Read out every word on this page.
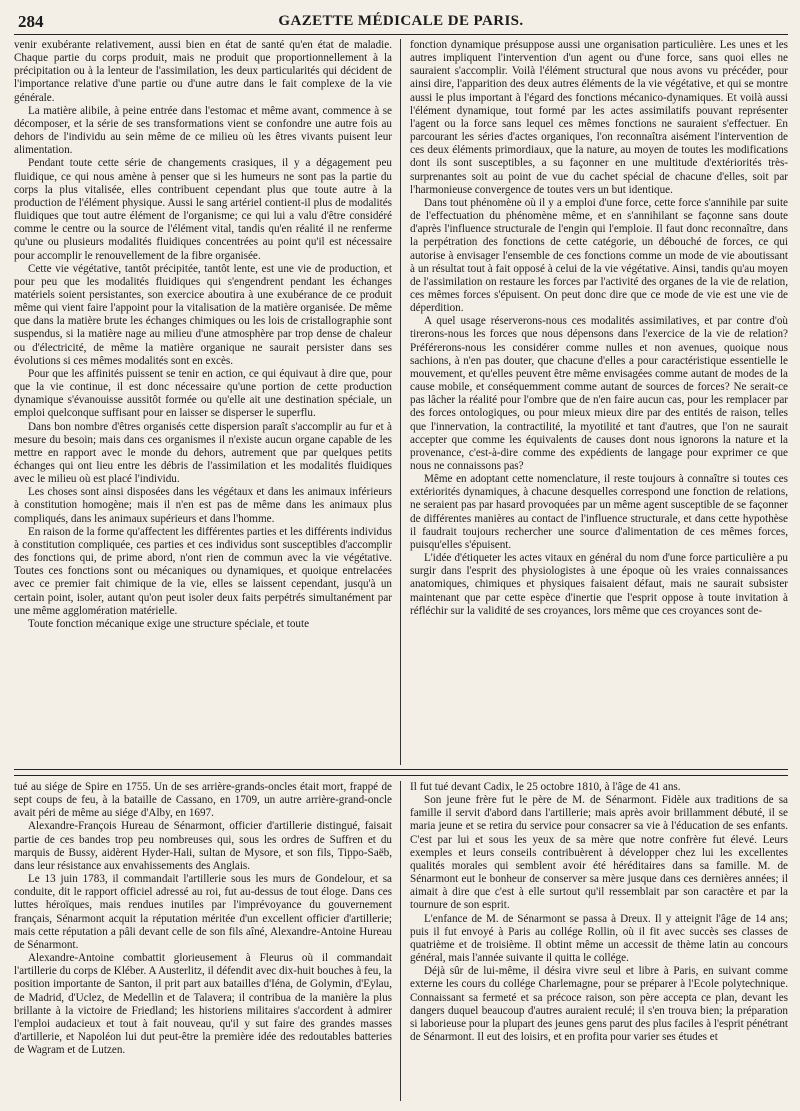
284	GAZETTE MÉDICALE DE PARIS.

venir exubérante relativement, aussi bien en état de santé qu'en état de maladie. Chaque partie du corps produit, mais ne produit que proportionnellement à la précipitation ou à la lenteur de l'assimilation, les deux particularités qui décident de l'importance relative d'une partie ou d'une autre dans le fait complexe de la vie générale.

La matière alibile, à peine entrée dans l'estomac et même avant, commence à se décomposer, et la série de ses transformations vient se confondre une autre fois au dehors de l'individu au sein même de ce milieu où les êtres vivants puisent leur alimentation.

Pendant toute cette série de changements crasiques, il y a dégagement peu fluidique, ce qui nous amène à penser que si les humeurs ne sont pas la partie du corps la plus vitalisée, elles contribuent cependant plus que toute autre à la production de l'élément physique. Aussi le sang artériel contient-il plus de modalités fluidiques que tout autre élément de l'organisme; ce qui lui a valu d'être considéré comme le centre ou la source de l'élément vital, tandis qu'en réalité il ne renferme qu'une ou plusieurs modalités fluidiques concentrées au point qu'il est nécessaire pour accomplir le renouvellement de la fibre organisée.

Cette vie végétative, tantôt précipitée, tantôt lente, est une vie de production, et pour peu que les modalités fluidiques qui s'engendrent pendant les échanges matériels soient persistantes, son exercice aboutira à une exubérance de ce produit même qui vient faire l'appoint pour la vitalisation de la matière organisée. De même que dans la matière brute les échanges chimiques ou les lois de cristallographie sont suspendus, si la matière nage au milieu d'une atmosphère par trop dense de chaleur ou d'électricité, de même la matière organique ne saurait persister dans ses évolutions si ces mêmes modalités sont en excès.

Pour que les affinités puissent se tenir en action, ce qui équivaut à dire que, pour que la vie continue, il est donc nécessaire qu'une portion de cette production dynamique s'évanouisse aussitôt formée ou qu'elle ait une destination spéciale, un emploi quelconque suffisant pour en laisser se disperser le superflu.

Dans bon nombre d'êtres organisés cette dispersion paraît s'accomplir au fur et à mesure du besoin; mais dans ces organismes il n'existe aucun organe capable de les mettre en rapport avec le monde du dehors, autrement que par quelques petits échanges qui ont lieu entre les débris de l'assimilation et les modalités fluidiques avec le milieu où est placé l'individu.

Les choses sont ainsi disposées dans les végétaux et dans les animaux inférieurs à constitution homogène; mais il n'en est pas de même dans les animaux plus compliqués, dans les animaux supérieurs et dans l'homme.

En raison de la forme qu'affectent les différentes parties et les différents individus à constitution compliquée, ces parties et ces individus sont susceptibles d'accomplir des fonctions qui, de prime abord, n'ont rien de commun avec la vie végétative. Toutes ces fonctions sont ou mécaniques ou dynamiques, et quoique entrelacées avec ce premier fait chimique de la vie, elles se laissent cependant, jusqu'à un certain point, isoler, autant qu'on peut isoler deux faits perpétrés simultanément par une même agglomération matérielle.

Toute fonction mécanique exige une structure spéciale, et toute

fonction dynamique présuppose aussi une organisation particulière. Les unes et les autres impliquent l'intervention d'un agent ou d'une force, sans quoi elles ne sauraient s'accomplir. Voilà l'élément structural que nous avons vu précéder, pour ainsi dire, l'apparition des deux autres éléments de la vie végétative, et qui se montre aussi le plus important à l'égard des fonctions mécanico-dynamiques. Et voilà aussi l'élément dynamique, tout formé par les actes assimilatifs pouvant représenter l'agent ou la force sans lequel ces mêmes fonctions ne sauraient s'effectuer. En parcourant les séries d'actes organiques, l'on reconnaîtra aisément l'intervention de ces deux éléments primordiaux, que la nature, au moyen de toutes les modifications dont ils sont susceptibles, a su façonner en une multitude d'extériorités très-surprenantes soit au point de vue du cachet spécial de chacune d'elles, soit par l'harmonieuse convergence de toutes vers un but identique.

Dans tout phénomène où il y a emploi d'une force, cette force s'annihile par suite de l'effectuation du phénomène même, et en s'annihilant se façonne sans doute d'après l'influence structurale de l'engin qui l'emploie. Il faut donc reconnaître, dans la perpétration des fonctions de cette catégorie, un débouché de forces, ce qui autorise à envisager l'ensemble de ces fonctions comme un mode de vie aboutissant à un résultat tout à fait opposé à celui de la vie végétative. Ainsi, tandis qu'au moyen de l'assimilation on restaure les forces par l'activité des organes de la vie de relation, ces mêmes forces s'épuisent. On peut donc dire que ce mode de vie est une vie de déperdition.

A quel usage réserverons-nous ces modalités assimilatives, et par contre d'où tirerons-nous les forces que nous dépensons dans l'exercice de la vie de relation? Préférerons-nous les considérer comme nulles et non avenues, quoique nous sachions, à n'en pas douter, que chacune d'elles a pour caractéristique essentielle le mouvement, et qu'elles peuvent être même envisagées comme autant de modes de la cause mobile, et conséquemment comme autant de sources de forces? Ne serait-ce pas lâcher la réalité pour l'ombre que de n'en faire aucun cas, pour les remplacer par des forces ontologiques, ou pour mieux mieux dire par des entités de raison, telles que l'innervation, la contractilité, la myotilité et tant d'autres, que l'on ne saurait accepter que comme les équivalents de causes dont nous ignorons la nature et la provenance, c'est-à-dire comme des expédients de langage pour exprimer ce que nous ne connaissons pas?

Même en adoptant cette nomenclature, il reste toujours à connaître si toutes ces extériorités dynamiques, à chacune desquelles correspond une fonction de relations, ne seraient pas par hasard provoquées par un même agent susceptible de se façonner de différentes manières au contact de l'influence structurale, et dans cette hypothèse il faudrait toujours rechercher une source d'alimentation de ces mêmes forces, puisqu'elles s'épuisent.

L'idée d'étiqueter les actes vitaux en général du nom d'une force particulière a pu surgir dans l'esprit des physiologistes à une époque où les vraies connaissances anatomiques, chimiques et physiques faisaient défaut, mais ne saurait subsister maintenant que par cette espèce d'inertie que l'esprit oppose à toute invitation à réfléchir sur la validité de ses croyances, lors même que ces croyances sont de-

tué au siége de Spire en 1755. Un de ses arrière-grands-oncles était mort, frappé de sept coups de feu, à la bataille de Cassano, en 1709, un autre arrière-grand-oncle avait péri de même au siége d'Alby, en 1697.

Alexandre-François Hureau de Sénarmont, officier d'artillerie distingué, faisait partie de ces bandes trop peu nombreuses qui, sous les ordres de Suffren et du marquis de Bussy, aidèrent Hyder-Hali, sultan de Mysore, et son fils, Tippo-Saëb, dans leur résistance aux envahissements des Anglais.

Le 13 juin 1783, il commandait l'artillerie sous les murs de Gondelour, et sa conduite, dit le rapport officiel adressé au roi, fut au-dessus de tout éloge. Dans ces luttes héroïques, mais rendues inutiles par l'imprévoyance du gouvernement français, Sénarmont acquit la réputation méritée d'un excellent officier d'artillerie; mais cette réputation a pâli devant celle de son fils aîné, Alexandre-Antoine Hureau de Sénarmont.

Alexandre-Antoine combattit glorieusement à Fleurus où il commandait l'artillerie du corps de Kléber. A Austerlitz, il défendit avec dix-huit bouches à feu, la position importante de Santon, il prit part aux batailles d'Iéna, de Golymin, d'Eylau, de Madrid, d'Uclez, de Medellin et de Talavera; il contribua de la manière la plus brillante à la victoire de Friedland; les historiens militaires s'accordent à admirer l'emploi audacieux et tout à fait nouveau, qu'il y sut faire des grandes masses d'artillerie, et Napoléon lui dut peut-être la première idée des redoutables batteries de Wagram et de Lutzen.

Il fut tué devant Cadix, le 25 octobre 1810, à l'âge de 41 ans.

Son jeune frère fut le père de M. de Sénarmont. Fidèle aux traditions de sa famille il servit d'abord dans l'artillerie; mais après avoir brillamment débuté, il se maria jeune et se retira du service pour consacrer sa vie à l'éducation de ses enfants. C'est par lui et sous les yeux de sa mère que notre confrère fut élevé. Leurs exemples et leurs conseils contribuèrent à développer chez lui les excellentes qualités morales qui semblent avoir été héréditaires dans sa famille. M. de Sénarmont eut le bonheur de conserver sa mère jusque dans ces dernières années; il aimait à dire que c'est à elle surtout qu'il ressemblait par son caractère et par la tournure de son esprit.

L'enfance de M. de Sénarmont se passa à Dreux. Il y atteignit l'âge de 14 ans; puis il fut envoyé à Paris au collége Rollin, où il fit avec succès ses classes de quatrième et de troisième. Il obtint même un accessit de thème latin au concours général, mais l'année suivante il quitta le collége.

Déjà sûr de lui-même, il désira vivre seul et libre à Paris, en suivant comme externe les cours du collége Charlemagne, pour se préparer à l'Ecole polytechnique. Connaissant sa fermeté et sa précoce raison, son père accepta ce plan, devant les dangers duquel beaucoup d'autres auraient reculé; il s'en trouva bien; la préparation si laborieuse pour la plupart des jeunes gens parut des plus faciles à l'esprit pénétrant de Sénarmont. Il eut des loisirs, et en profita pour varier ses études et
